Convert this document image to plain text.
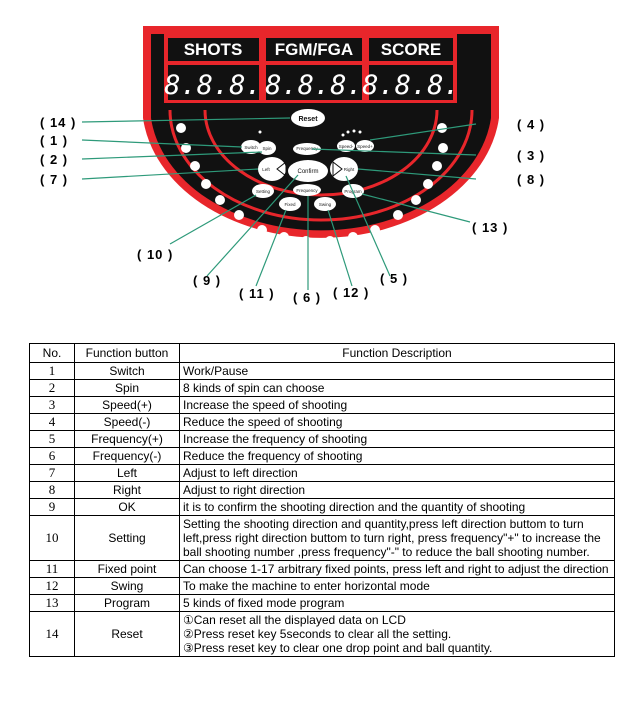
SHOTS
8.8.8.
FGM/FGA
8.8.8.
SCORE
8.8.8.
Reset
Switch Spin
Left	Right
Speed- Speed+
Frequency
Confirm
Frequency
Setting
Fixed	Swing
Program
( 14 )
( 1 )
( 2 )
( 7 )
( 4 )
( 3 )
( 8 )
( 13 )
( 10 )
( 9 )
( 11 ) ( 6 ) ( 12 )
( 5 )
No.	Function button	Function Description
1	Switch	Work/Pause

2	Spin	8 kinds of spin can choose

3	Speed(+)	Increase the speed of shooting

4	Speed(-)	Reduce the speed of shooting

5	Frequency(+)	Increase the frequency of shooting

6	Frequency(-)	Reduce the frequency of shooting

7	Left	Adjust to left direction

8	Right	Adjust to right direction

9	OK	it is to confirm the shooting direction and the quantity of shooting

10	Setting	Setting the shooting direction and quantity,press left direction buttom to turn left,press right direction buttom to turn right, press frequency"+" to increase the ball shooting number ,press frequency"-" to reduce the ball shooting number.

11	Fixed point	Can choose 1-17 arbitrary fixed points, press left and right to adjust the direction

12	Swing	To make the machine to enter horizontal mode

13	Program	5 kinds of fixed mode program

14	Reset	①Can reset all the displayed data on LCD
②Press reset key 5seconds to clear all the setting.
③Press reset key to clear one drop point and ball quantity.
